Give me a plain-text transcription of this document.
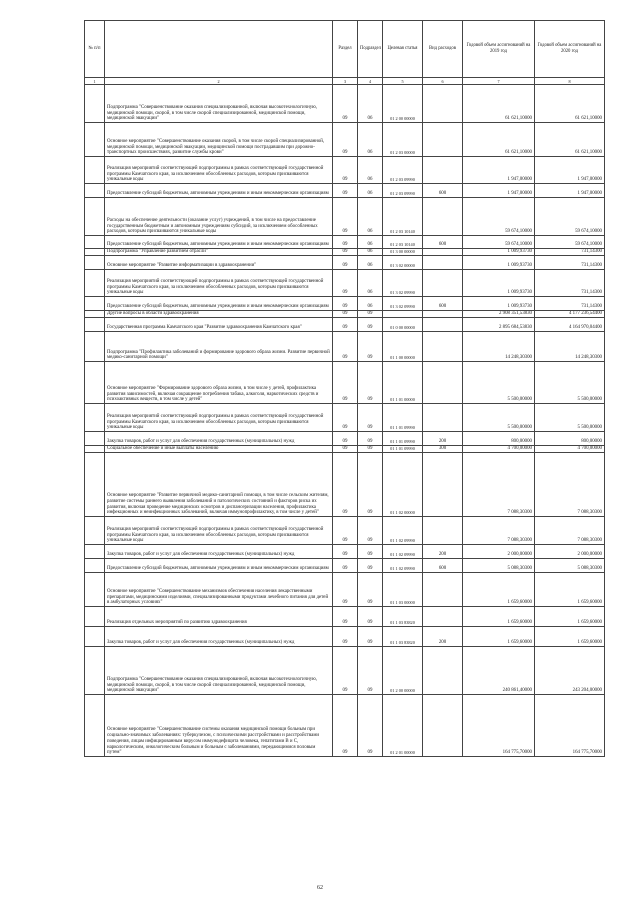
№ п/п		Раздел	Подраздел	Целевая статья	Вид расходов	Годовой объем ассигнований на 2019 год	Годовой объем ассигнований на 2020 год
1	2	3	4	5	6	7	8
	Подпрограмма "Совершенствование оказания специализированной, включая высокотехнологичную, медицинской помощи, скорой, в том числе скорой специализированной, медицинской помощи, медицинской эвакуации"	09	06	01 2 00 00000		61 621,10000	61 621,10000
	Основное мероприятие "Совершенствование оказания скорой, в том числе скорой специализированной, медицинской помощи, медицинской эвакуации, медицинской помощи пострадавшим при дорожно-транспортных происшествиях, развитие службы крови"	09	06	01 2 03 00000		61 621,10000	61 621,10000
	Реализация мероприятий соответствующей подпрограммы в рамках соответствующей государственной программы Камчатского края, за исключением обособленных расходов, которым присваиваются уникальные коды	09	06	01 2 03 09990		1 947,00000	1 947,00000
	Предоставление субсидий бюджетным, автономным учреждениям и иным некоммерческим организациям	09	06	01 2 03 09990	600	1 947,00000	1 947,00000
	Расходы на обеспечение деятельности (оказание услуг) учреждений, в том числе на предоставление государственным бюджетным и автономным учреждениям субсидий, за исключением обособленных расходов, которым присваиваются уникальные коды	09	06	01 2 03 10140		59 674,10000	59 674,10000
	Предоставление субсидий бюджетным, автономным учреждениям и иным некоммерческим организациям	09	06	01 2 03 10140	600	59 674,10000	59 674,10000
	Подпрограмма "Управление развитием отрасли"	09	06	01 3 00 00000		1 009,93730	731,14300
	Основное мероприятие "Развитие информатизации в здравоохранении"	09	06	01 3 02 00000		1 009,93730	731,14300
	Реализация мероприятий соответствующей подпрограммы в рамках соответствующей государственной программы Камчатского края, за исключением обособленных расходов, которым присваиваются уникальные коды	09	06	01 3 02 09990		1 009,93730	731,14300
	Предоставление субсидий бюджетным, автономным учреждениям и иным некоммерческим организациям	09	06	01 3 02 09990	600	1 009,93730	731,14300
	Другие вопросы в области здравоохранения	09	09			2 908 351,53830	4 177 236,54400
	Государственная программа Камчатского края "Развитие здравоохранения Камчатского края"	09	09	01 0 00 00000		2 895 684,53830	4 164 970,04400
	Подпрограмма "Профилактика заболеваний и формирование здорового образа жизни. Развитие первичной медико-санитарной помощи"	09	09	01 1 00 00000		14 248,30300	14 248,30300
	Основное мероприятие "Формирование здорового образа жизни, в том числе у детей, профилактика развития зависимостей, включая сокращение потребления табака, алкоголя, наркотических средств и психоактивных веществ, в том числе у детей"	09	09	01 1 01 00000		5 500,00000	5 500,00000
	Реализация мероприятий соответствующей подпрограммы в рамках соответствующей государственной программы Камчатского края, за исключением обособленных расходов, которым присваиваются уникальные коды	09	09	01 1 01 09990		5 500,00000	5 500,00000
	Закупка товаров, работ и услуг для обеспечения государственных (муниципальных) нужд	09	09	01 1 01 09990	200	800,00000	800,00000
	Социальное обеспечение и иные выплаты населению	09	09	01 1 01 09990	300	4 700,00000	4 700,00000
	Основное мероприятие "Развитие первичной медико-санитарной помощи, в том числе сельским жителям, развитие системы раннего выявления заболеваний и патологических состояний и факторов риска их развития, включая проведение медицинских осмотров и диспансеризации населения, профилактика инфекционных и неинфекционных заболеваний, включая иммунопрофилактику, в том числе у детей"	09	09	01 1 02 00000		7 088,30300	7 088,30300
	Реализация мероприятий соответствующей подпрограммы в рамках соответствующей государственной программы Камчатского края, за исключением обособленных расходов, которым присваиваются уникальные коды	09	09	01 1 02 09990		7 088,30300	7 088,30300
	Закупка товаров, работ и услуг для обеспечения государственных (муниципальных) нужд	09	09	01 1 02 09990	200	2 000,00000	2 000,00000
	Предоставление субсидий бюджетным, автономным учреждениям и иным некоммерческим организациям	09	09	01 1 02 09990	600	5 088,30300	5 088,30300
	Основное мероприятие "Совершенствование механизмов обеспечения населения лекарственными препаратами, медицинскими изделиями, специализированными продуктами лечебного питания для детей в амбулаторных условиях"	09	09	01 1 03 00000		1 659,60000	1 659,60000
	Реализация отдельных мероприятий по развитию здравоохранения	09	09	01 1 03 83820		1 659,60000	1 659,60000
	Закупка товаров, работ и услуг для обеспечения государственных (муниципальных) нужд	09	09	01 1 03 83820	200	1 659,60000	1 659,60000
	Подпрограмма "Совершенствование оказания специализированной, включая высокотехнологичную, медицинской помощи, скорой, в том числе скорой специализированной, медицинской помощи, медицинской эвакуации"	09	09	01 2 00 00000		240 861,40000	243 204,00000
	Основное мероприятие "Совершенствование системы оказания медицинской помощи больным при социально-значимых заболеваниях: туберкулезом, с психическими расстройствами и расстройствами поведения, лицам инфицированным вирусом иммунодефицита человека, гепатитами В и С, наркологическим, онкологическим больным и больным с заболеваниями, передающимися половым путем"	09	09	01 2 01 00000		164 775,70000	164 775,70000
62
